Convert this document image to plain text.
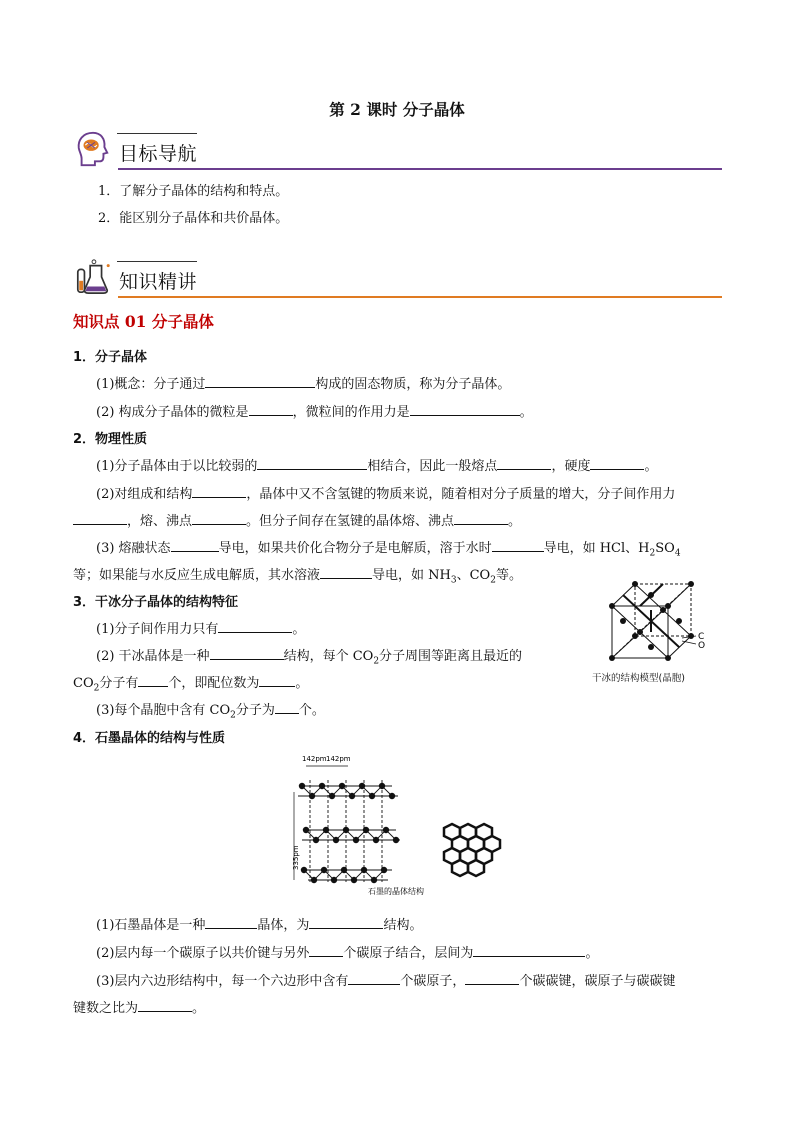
第 2 课时 分子晶体
目标导航
1．了解分子晶体的结构和特点。
2．能区别分子晶体和共价晶体。
知识精讲
知识点 01 分子晶体
1．分子晶体
(1)概念：分子通过	构成的固态物质，称为分子晶体。
(2) 构成分子晶体的微粒是	，微粒间的作用力是	。
2．物理性质
(1)分子晶体由于以比较弱的	相结合，因此一般熔点	，硬度	。
(2)对组成和结构	，晶体中又不含氢键的物质来说，随着相对分子质量的增大，分子间作用力
，熔、沸点	。但分子间存在氢键的晶体熔、沸点	。
(3) 熔融状态	导电，如果共价化合物分子是电解质，溶于水时	导电，如 HCl、$H_2SO_4$
等；如果能与水反应生成电解质，其水溶液	导电，如 $NH_3$、$CO_2$等。
3．干冰分子晶体的结构特征
(1)分子间作用力只有	。
(2) 干冰晶体是一种	结构，每个 $CO_2$分子周围等距离且最近的
$CO_2$分子有 个，即配位数为	。
(3)每个晶胞中含有 $CO_2$分子为 个。
C
O
干冰的结构模型(晶胞)
4．石墨晶体的结构与性质
142pm 142pm
335pm
石墨的晶体结构
(1)石墨晶体是一种	晶体，为	结构。
(2)层内每一个碳原子以共价键与另外	个碳原子结合，层间为	。
(3)层内六边形结构中，每一个六边形中含有	个碳原子，	个碳碳键，碳原子与碳碳键
键数之比为	。
